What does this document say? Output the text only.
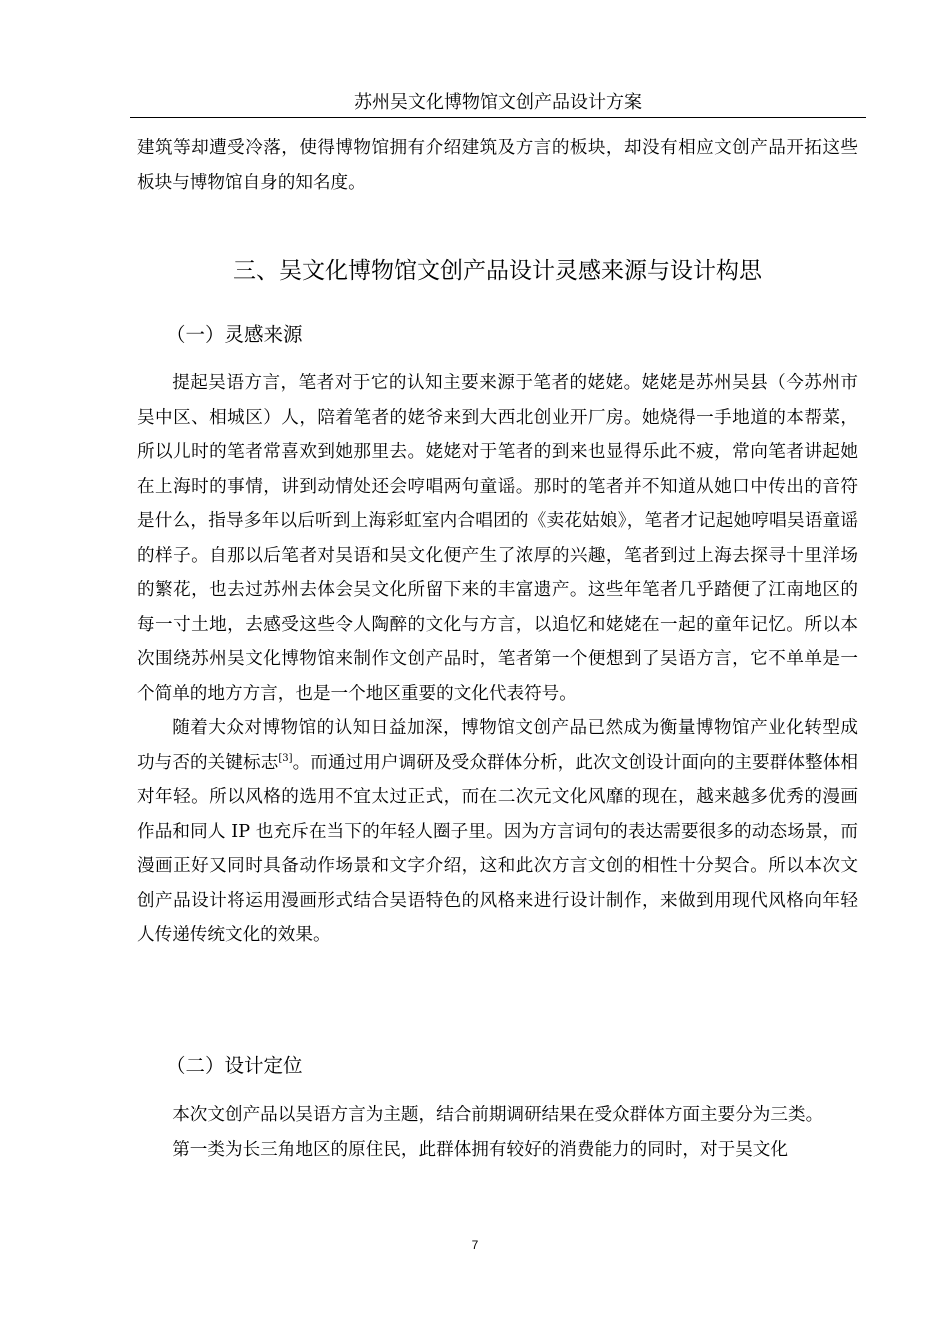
苏州吴文化博物馆文创产品设计方案

建筑等却遭受冷落，使得博物馆拥有介绍建筑及方言的板块，却没有相应文创产品开拓这些板块与博物馆自身的知名度。

三、吴文化博物馆文创产品设计灵感来源与设计构思
（一）灵感来源

提起吴语方言，笔者对于它的认知主要来源于笔者的姥姥。姥姥是苏州吴县（今苏州市吴中区、相城区）人，陪着笔者的姥爷来到大西北创业开厂房。她烧得一手地道的本帮菜，所以儿时的笔者常喜欢到她那里去。姥姥对于笔者的到来也显得乐此不疲，常向笔者讲起她在上海时的事情，讲到动情处还会哼唱两句童谣。那时的笔者并不知道从她口中传出的音符是什么，指导多年以后听到上海彩虹室内合唱团的《卖花姑娘》，笔者才记起她哼唱吴语童谣的样子。自那以后笔者对吴语和吴文化便产生了浓厚的兴趣，笔者到过上海去探寻十里洋场的繁花，也去过苏州去体会吴文化所留下来的丰富遗产。这些年笔者几乎踏便了江南地区的每一寸土地，去感受这些令人陶醉的文化与方言，以追忆和姥姥在一起的童年记忆。所以本次围绕苏州吴文化博物馆来制作文创产品时，笔者第一个便想到了吴语方言，它不单单是一个简单的地方方言，也是一个地区重要的文化代表符号。

随着大众对博物馆的认知日益加深，博物馆文创产品已然成为衡量博物馆产业化转型成功与否的关键标志[3]。而通过用户调研及受众群体分析，此次文创设计面向的主要群体整体相对年轻。所以风格的选用不宜太过正式，而在二次元文化风靡的现在，越来越多优秀的漫画作品和同人 IP 也充斥在当下的年轻人圈子里。因为方言词句的表达需要很多的动态场景，而漫画正好又同时具备动作场景和文字介绍，这和此次方言文创的相性十分契合。所以本次文创产品设计将运用漫画形式结合吴语特色的风格来进行设计制作，来做到用现代风格向年轻人传递传统文化的效果。

（二）设计定位

本次文创产品以吴语方言为主题，结合前期调研结果在受众群体方面主要分为三类。

第一类为长三角地区的原住民，此群体拥有较好的消费能力的同时，对于吴文化

7
